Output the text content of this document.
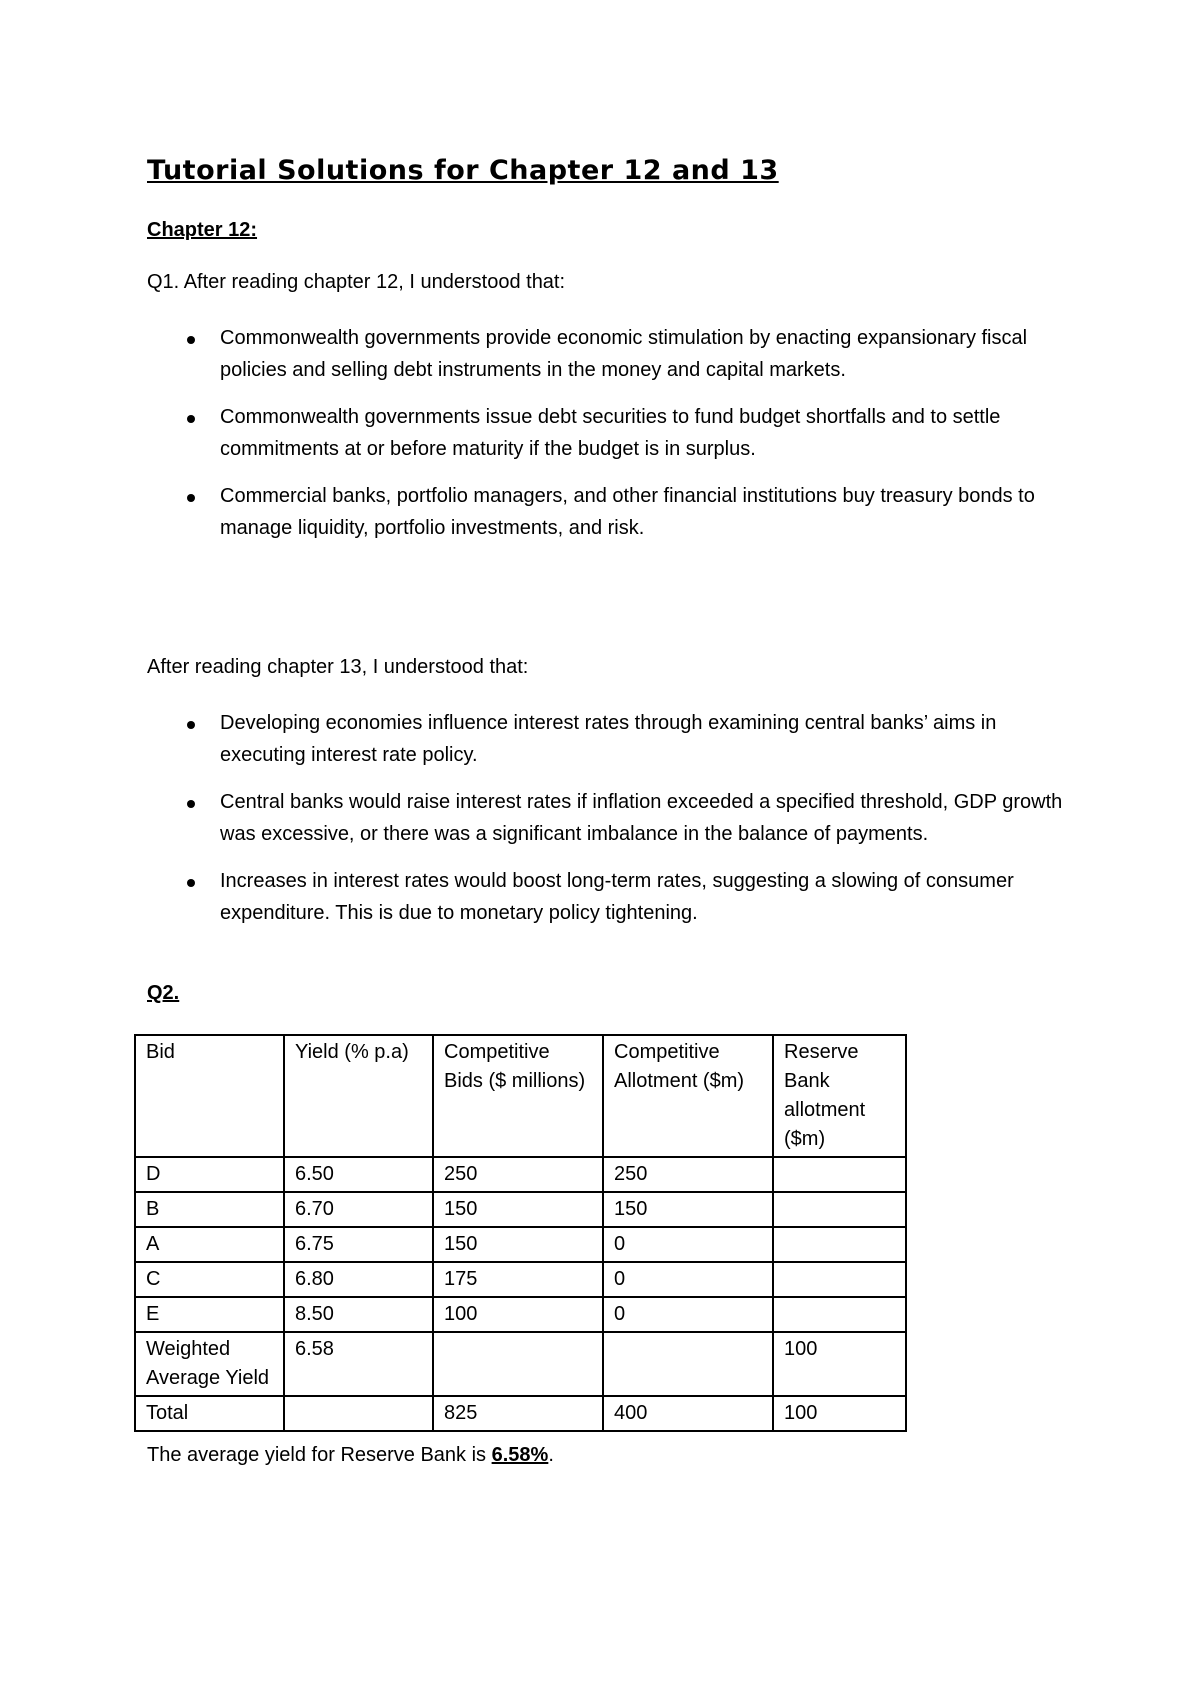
Tutorial Solutions for Chapter 12 and 13

Chapter 12:

Q1. After reading chapter 12, I understood that:

Commonwealth governments provide economic stimulation by enacting expansionary fiscal policies and selling debt instruments in the money and capital markets.
Commonwealth governments issue debt securities to fund budget shortfalls and to settle commitments at or before maturity if the budget is in surplus.
Commercial banks, portfolio managers, and other financial institutions buy treasury bonds to manage liquidity, portfolio investments, and risk.

After reading chapter 13, I understood that:

Developing economies influence interest rates through examining central banks’ aims in executing interest rate policy.
Central banks would raise interest rates if inflation exceeded a specified threshold, GDP growth was excessive, or there was a significant imbalance in the balance of payments.
Increases in interest rates would boost long-term rates, suggesting a slowing of consumer expenditure. This is due to monetary policy tightening.

Q2.

Bid	Yield (% p.a)	Competitive Bids ($ millions)	Competitive Allotment ($m)	Reserve Bank allotment ($m)
D	6.50	250	250	
B	6.70	150	150	
A	6.75	150	0	
C	6.80	175	0	
E	8.50	100	0	
Weighted Average Yield	6.58			100
Total		825	400	100

The average yield for Reserve Bank is 6.58%.
